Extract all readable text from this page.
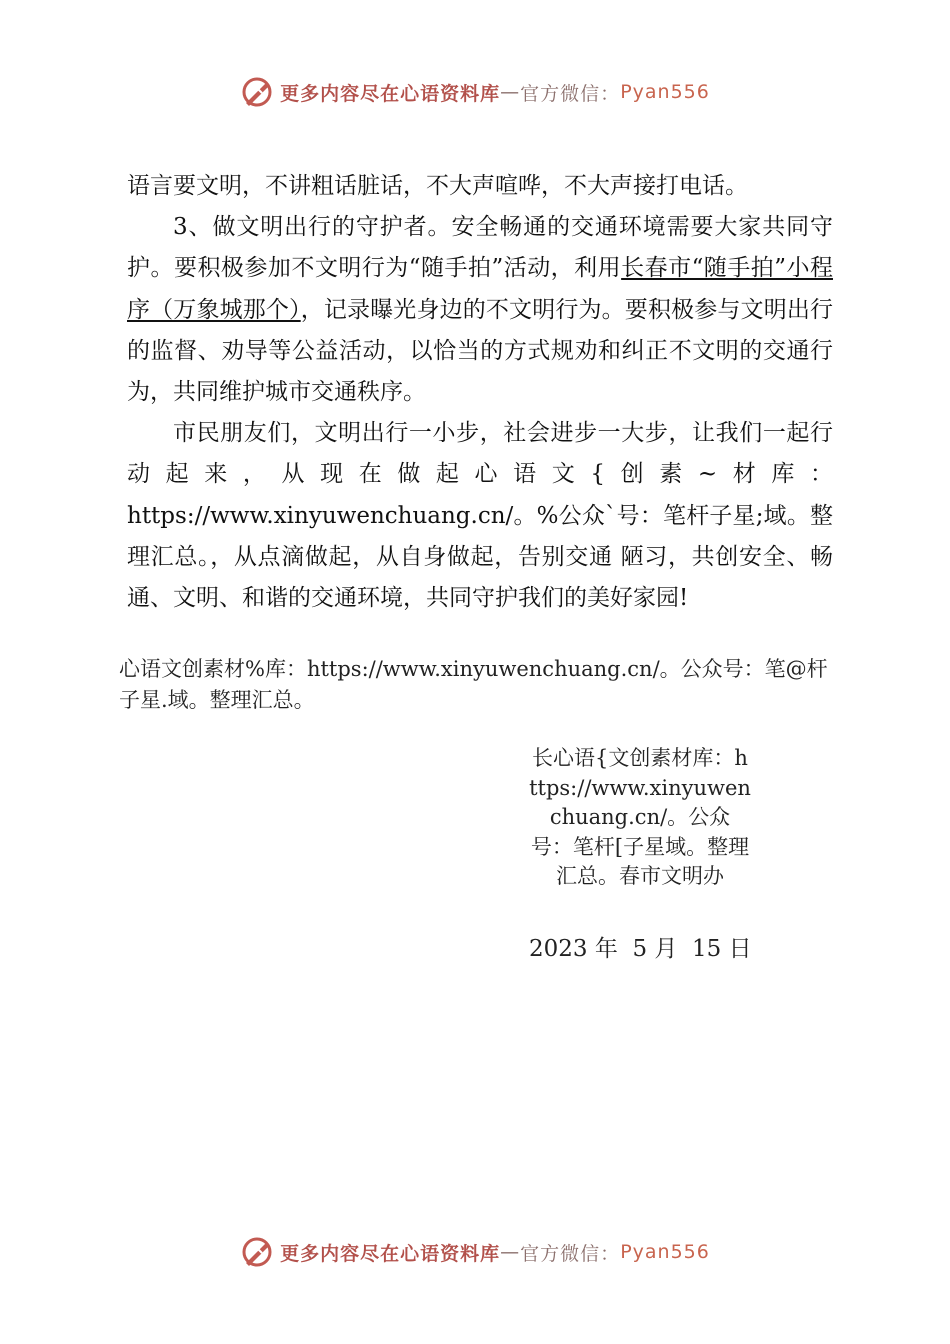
更多内容尽在心语资料库 — 官方微信： Pyan556

语言要文明，不讲粗话脏话，不大声喧哗，不大声接打电话。

3、做文明出行的守护者。安全畅通的交通环境需要大家共同守护。要积极参加不文明行为“随手拍”活动，利用长春市“随手拍”小程序（万象城那个），记录曝光身边的不文明行为。要积极参与文明出行的监督、劝导等公益活动，以恰当的方式规劝和纠正不文明的交通行为，共同维护城市交通秩序。

市民朋友们，文明出行一小步，社会进步一大步，让我们一起行动起来，从现在做起心语文{创素~材库：https://www.xinyuwenchuang.cn/。%公众`号：笔杆子星;域。整理汇总。，从点滴做起，从自身做起，告别交通 陋习，共创安全、畅通、文明、和谐的交通环境，共同守护我们的美好家园!

心语文创素材%库：https://www.xinyuwenchuang.cn/。公众号：笔@杆子星.域。整理汇总。
长心语{文创素材库：https://www.xinyuwenchuang.cn/。公众号：笔杆[子星域。整理汇总。春市文明办
2023 年  5 月  15 日
更多内容尽在心语资料库 — 官方微信： Pyan556
